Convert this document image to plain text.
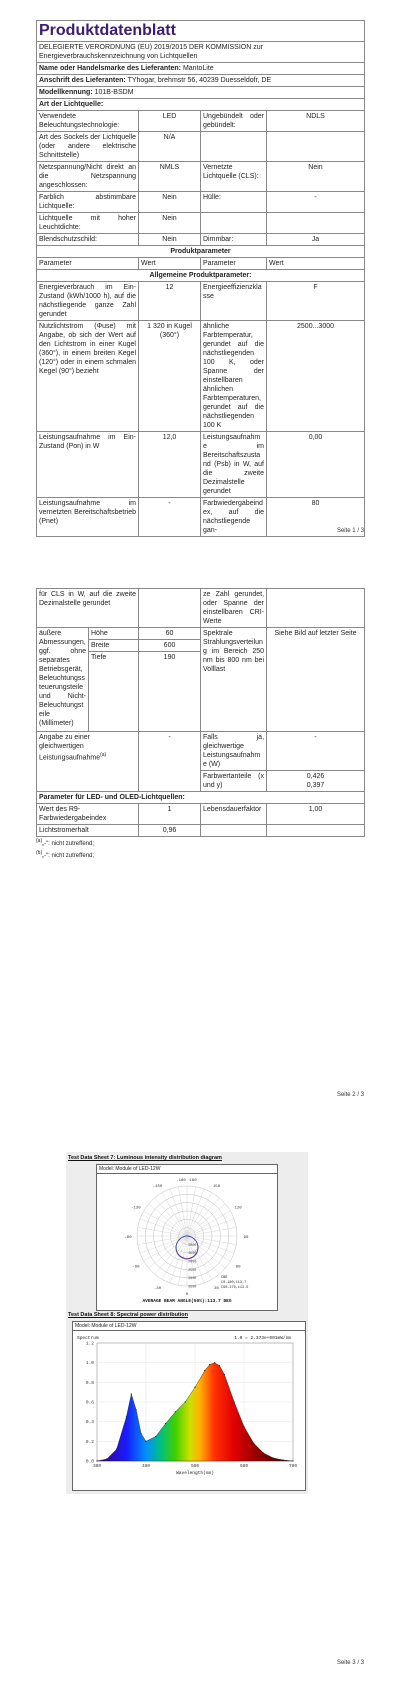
Produktdatenblatt			
DELEGIERTE VERORDNUNG (EU) 2019/2015 DER KOMMISSION zur Energieverbrauchskennzeichnung von Lichtquellen			
Name oder Handelsmarke des Lieferanten: MantoLite			
Anschrift des Lieferanten: TYhogar, brehmstr 56, 40239 Duesseldofr, DE			
Modellkennung: 101B-BSDM			
Art der Lichtquelle:			
Verwendete Beleuchtungstechnologie:	LED	Ungebündelt oder gebündelt:	NDLS
Art des Sockels der Lichtquelle (oder andere elektrische Schnittstelle)	N/A		
Netzspannung/Nicht direkt an die Netzspannung angeschlossen:	NMLS	Vernetzte Lichtquelle (CLS):	Nein
Farblich abstimmbare Lichtquelle:	Nein	Hülle:	-
Lichtquelle mit hoher Leuchtdichte:	Nein		
Blendschutzschild:	Nein	Dimmbar:	Ja
Produktparameter			
Parameter	Wert	Parameter	Wert
Allgemeine Produktparameter:			
Energieverbrauch im Ein-Zustand (kWh/1000 h), auf die nächstliegende ganze Zahl gerundet	12	Energieeffizienzklasse	F
Nutzlichtstrom (Φuse) mit Angabe, ob sich der Wert auf den Lichtstrom in einer Kugel (360°), in einem breiten Kegel (120°) oder in einem schmalen Kegel (90°) bezieht	1 320 in Kugel (360°)	ähnliche Farbtemperatur, gerundet auf die nächstliegenden 100 K, oder Spanne der einstellbaren ähnlichen Farbtemperaturen, gerundet auf die nächstliegenden 100 K	2500...3000
Leistungsaufnahme im Ein-Zustand (Pon) in W	12,0	Leistungsaufnahme im Bereitschaftszustand (Psb) in W, auf die zweite Dezimalstelle gerundet	0,00
Leistungsaufnahme im vernetzten Bereitschaftsbetrieb (Pnet)	-	Farbwiedergabeindex, auf die nächstliegende gan-	80
Seite 1 / 3
für CLS in W, auf die zweite Dezimalstelle gerundet			ze Zahl gerundet, oder Spanne der einstellbaren CRI-Werte	
äußere Abmessungen, ggf. ohne separates Betriebsgerät, Beleuchtungssteuerungsteile und Nicht-Beleuchtungsteile (Millimeter)	Höhe	60	Spektrale Strahlungsverteilung im Bereich 250 nm bis 800 nm bei Volllast	Siehe Bild auf letzter Seite
	Breite	600		
	Tiefe	190		
Angabe zu einer gleichwertigen Leistungsaufnahme$^{(a)}$		-	Falls ja, gleichwertige Leistungsaufnahme (W)	-
			Farbwertanteile (x und y)	0,426
0,397
Parameter für LED- und OLED-Lichtquellen:				
Wert des R9-Farbwiedergabeindex		1	Lebensdauerfaktor	1,00
Lichtstromerhalt		0,96		
$^{(a)}$„-“: nicht zutreffend;
$^{(b)}$„-“: nicht zutreffend;
Seite 2 / 3
Test Data Sheet 7: Luminous intensity distribution diagram
Model: Module of LED-12W
-180 180
-150	150
-120	120
-90	90
-60	60
-30	30
0
1000
1500
2000
2500
3000
3500
CBR
C0-180,113.7
C90-270,113.5
AVERAGE BEAM ANGLE(50%):113.7 DEG
Test Data Sheet 8: Spectral power distribution
Model: Module of LED-12W
0.0
0.2
0.4
0.6
0.8
1.0
1.2
380	480	580	680	780
Spectrum	1.0 = 2.373e+001mW/nm
Wavelength(nm)
Seite 3 / 3
